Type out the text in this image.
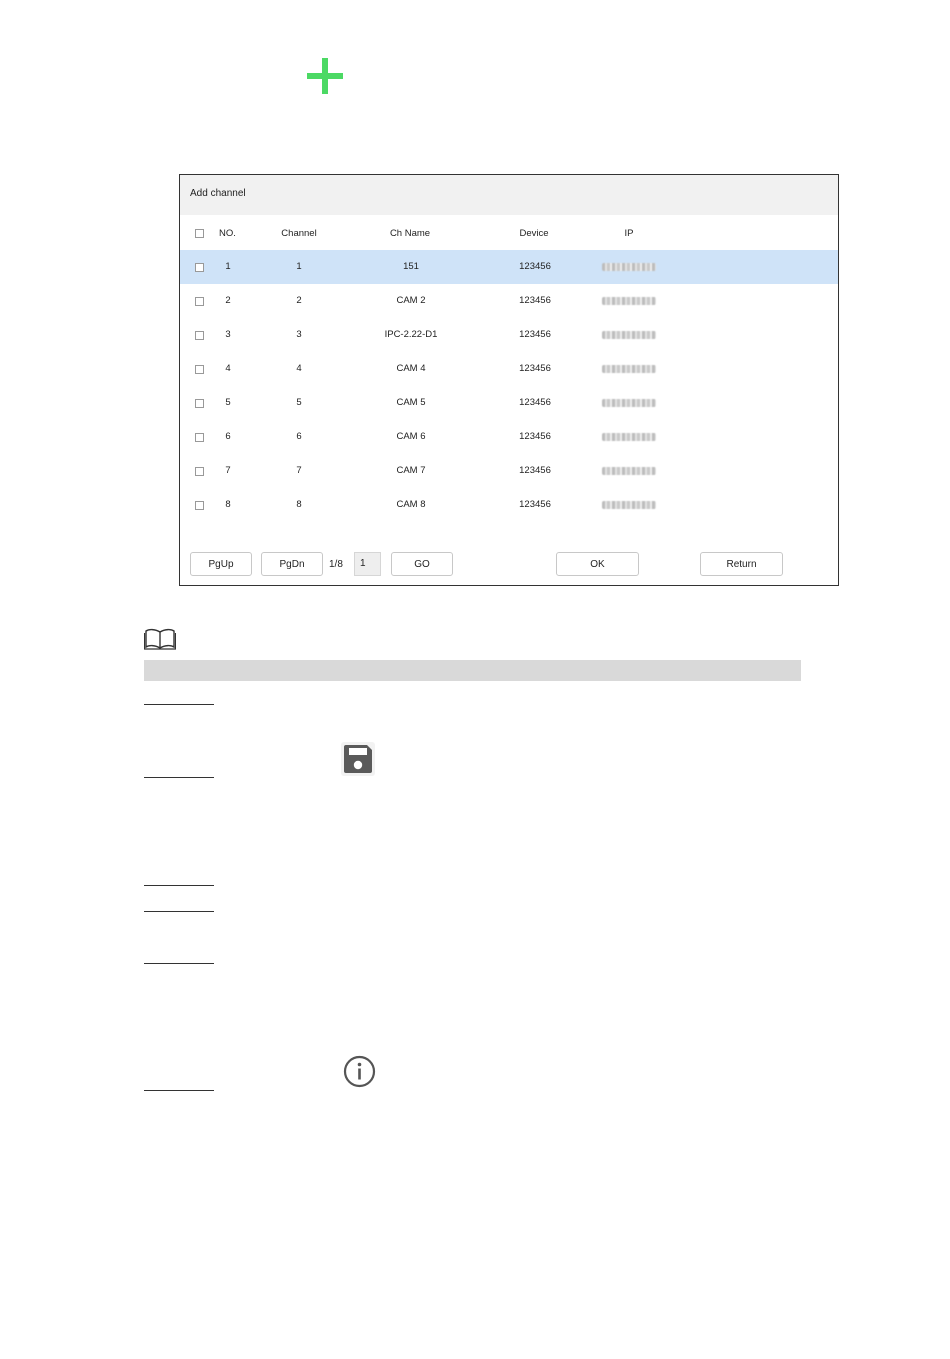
Add channel
NO.	Channel	Ch Name	Device	IP
1	1	151	123456
2	2	CAM 2	123456
3	3	IPC-2.22-D1	123456
4	4	CAM 4	123456
5	5	CAM 5	123456
6	6	CAM 6	123456
7	7	CAM 7	123456
8	8	CAM 8	123456
PgUp	PgDn	1/8	1	GO	OK	Return
